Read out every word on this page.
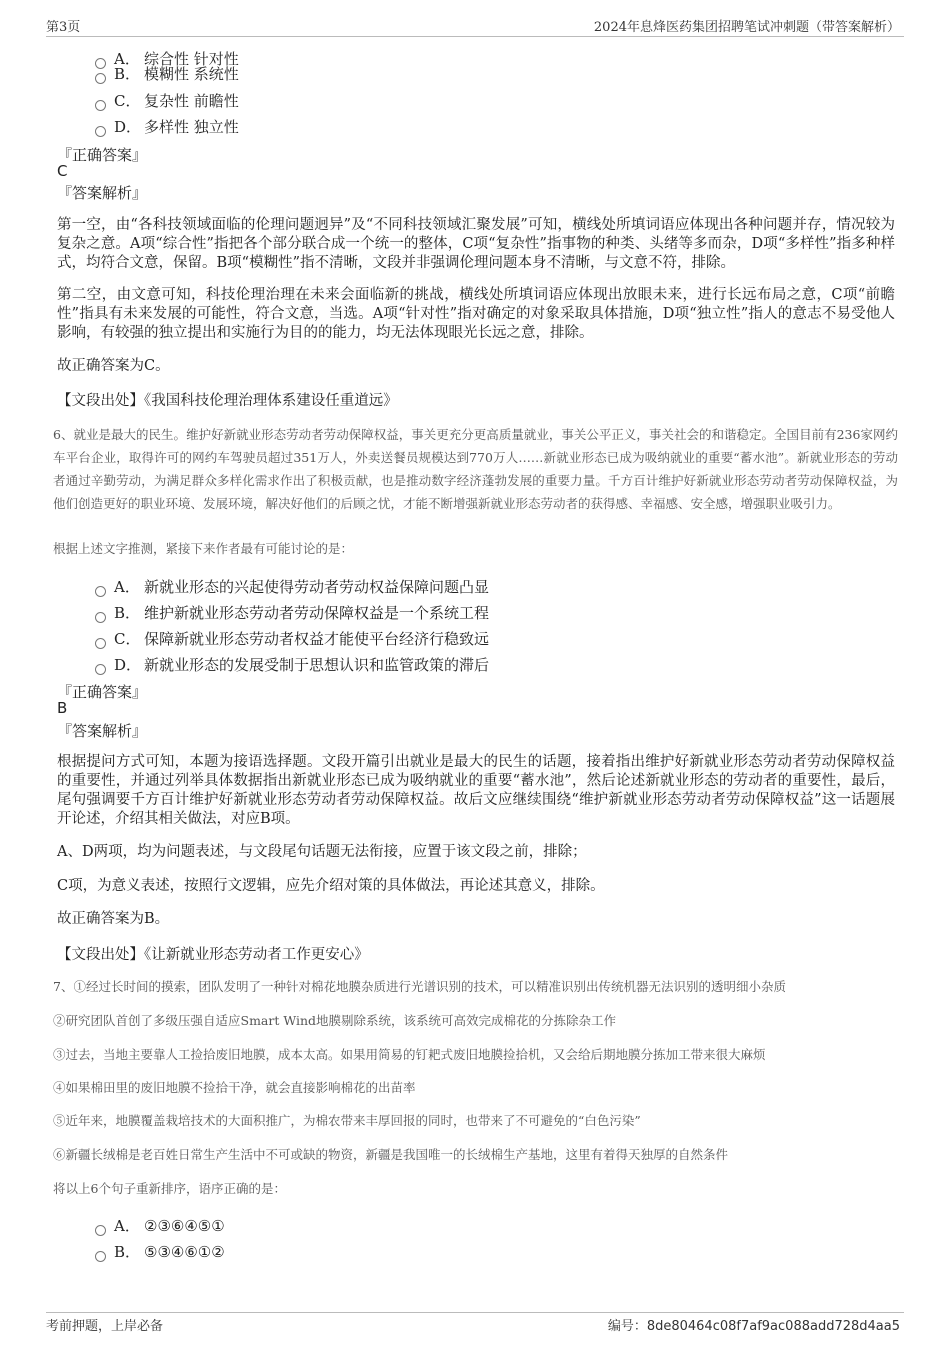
第3页	2024年息烽医药集团招聘笔试冲刺题（带答案解析）
A． 综合性 针对性
B． 模糊性 系统性
C． 复杂性 前瞻性
D． 多样性 独立性
『正确答案』
C
『答案解析』
第一空，由“各科技领域面临的伦理问题迥异”及“不同科技领域汇聚发展”可知，横线处所填词语应体现出各种问题并存，情况较为复杂之意。A项“综合性”指把各个部分联合成一个统一的整体，C项“复杂性”指事物的种类、头绪等多而杂，D项“多样性”指多种样式，均符合文意，保留。B项“模糊性”指不清晰，文段并非强调伦理问题本身不清晰，与文意不符，排除。
第二空，由文意可知，科技伦理治理在未来会面临新的挑战，横线处所填词语应体现出放眼未来，进行长远布局之意，C项“前瞻性”指具有未来发展的可能性，符合文意，当选。A项“针对性”指对确定的对象采取具体措施，D项“独立性”指人的意志不易受他人影响，有较强的独立提出和实施行为目的的能力，均无法体现眼光长远之意，排除。
故正确答案为C。
【文段出处】《我国科技伦理治理体系建设任重道远》
6、就业是最大的民生。维护好新就业形态劳动者劳动保障权益，事关更充分更高质量就业，事关公平正义，事关社会的和谐稳定。全国目前有236家网约车平台企业，取得许可的网约车驾驶员超过351万人，外卖送餐员规模达到770万人……新就业形态已成为吸纳就业的重要“蓄水池”。新就业形态的劳动者通过辛勤劳动，为满足群众多样化需求作出了积极贡献，也是推动数字经济蓬勃发展的重要力量。千方百计维护好新就业形态劳动者劳动保障权益，为他们创造更好的职业环境、发展环境，解决好他们的后顾之忧，才能不断增强新就业形态劳动者的获得感、幸福感、安全感，增强职业吸引力。
根据上述文字推测，紧接下来作者最有可能讨论的是：
A． 新就业形态的兴起使得劳动者劳动权益保障问题凸显
B． 维护新就业形态劳动者劳动保障权益是一个系统工程
C． 保障新就业形态劳动者权益才能使平台经济行稳致远
D． 新就业形态的发展受制于思想认识和监管政策的滞后
『正确答案』
B
『答案解析』
根据提问方式可知，本题为接语选择题。文段开篇引出就业是最大的民生的话题，接着指出维护好新就业形态劳动者劳动保障权益的重要性，并通过列举具体数据指出新就业形态已成为吸纳就业的重要“蓄水池”，然后论述新就业形态的劳动者的重要性，最后，尾句强调要千方百计维护好新就业形态劳动者劳动保障权益。故后文应继续围绕“维护新就业形态劳动者劳动保障权益”这一话题展开论述，介绍其相关做法，对应B项。
A、D两项，均为问题表述，与文段尾句话题无法衔接，应置于该文段之前，排除；
C项，为意义表述，按照行文逻辑，应先介绍对策的具体做法，再论述其意义，排除。
故正确答案为B。
【文段出处】《让新就业形态劳动者工作更安心》
7、①经过长时间的摸索，团队发明了一种针对棉花地膜杂质进行光谱识别的技术，可以精准识别出传统机器无法识别的透明细小杂质
②研究团队首创了多级压强自适应Smart Wind地膜剔除系统，该系统可高效完成棉花的分拣除杂工作
③过去，当地主要靠人工捡拾废旧地膜，成本太高。如果用简易的钉耙式废旧地膜捡拾机，又会给后期地膜分拣加工带来很大麻烦
④如果棉田里的废旧地膜不捡拾干净，就会直接影响棉花的出苗率
⑤近年来，地膜覆盖栽培技术的大面积推广，为棉农带来丰厚回报的同时，也带来了不可避免的“白色污染”
⑥新疆长绒棉是老百姓日常生产生活中不可或缺的物资，新疆是我国唯一的长绒棉生产基地，这里有着得天独厚的自然条件
将以上6个句子重新排序，语序正确的是：
A． ②③⑥④⑤①
B． ⑤③④⑥①②
考前押题，上岸必备	编号：8de80464c08f7af9ac088add728d4aa5
